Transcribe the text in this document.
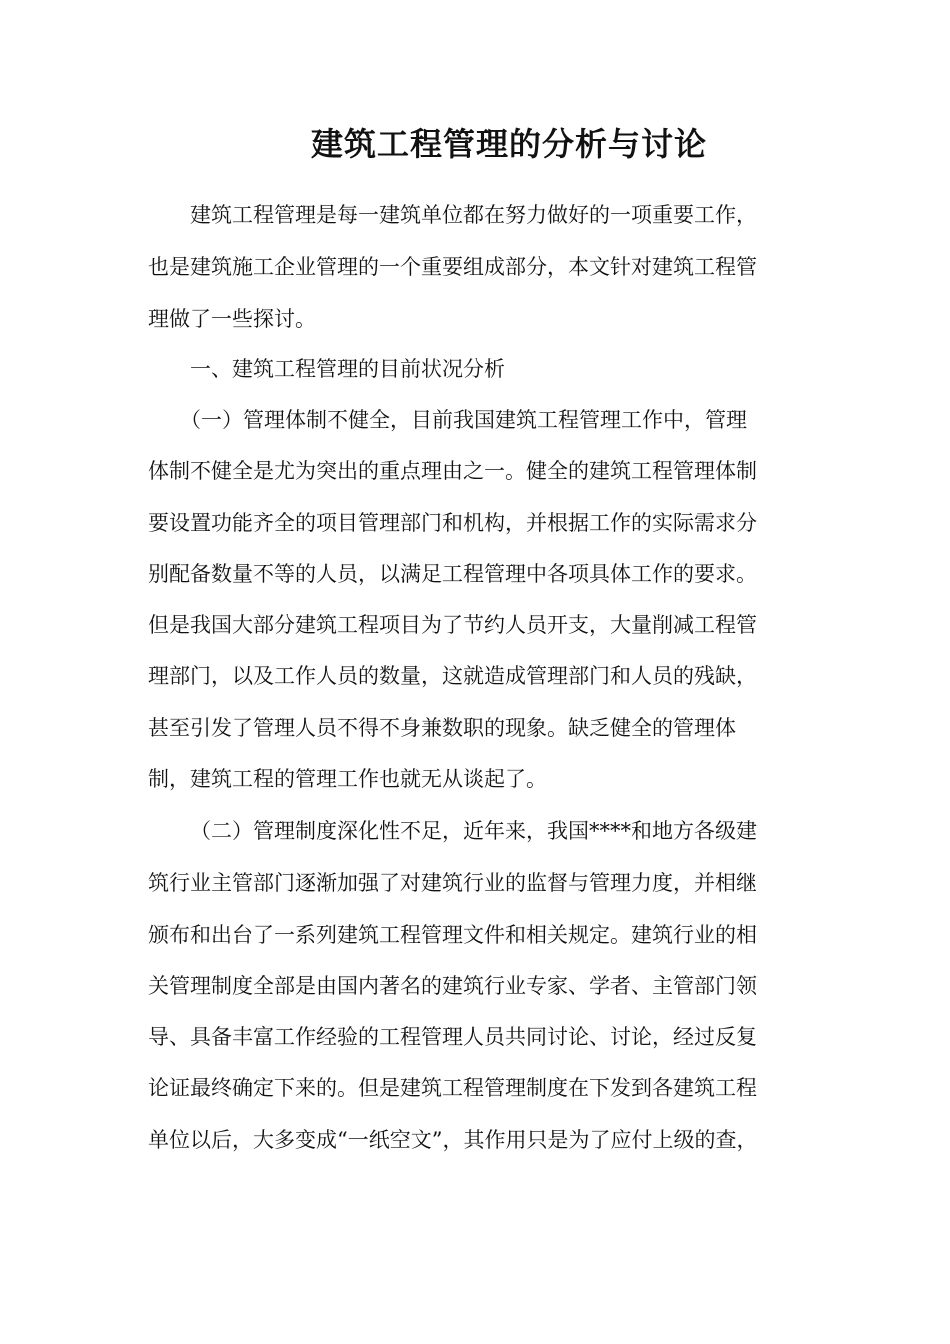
建筑工程管理的分析与讨论
建筑工程管理是每一建筑单位都在努力做好的一项重要工作，
也是建筑施工企业管理的一个重要组成部分，本文针对建筑工程管
理做了一些探讨。
一、建筑工程管理的目前状况分析
（一）管理体制不健全，目前我国建筑工程管理工作中，管理
体制不健全是尤为突出的重点理由之一。健全的建筑工程管理体制
要设置功能齐全的项目管理部门和机构，并根据工作的实际需求分
别配备数量不等的人员，以满足工程管理中各项具体工作的要求。
但是我国大部分建筑工程项目为了节约人员开支，大量削减工程管
理部门，以及工作人员的数量，这就造成管理部门和人员的残缺，
甚至引发了管理人员不得不身兼数职的现象。缺乏健全的管理体
制，建筑工程的管理工作也就无从谈起了。
（二）管理制度深化性不足，近年来，我国****和地方各级建
筑行业主管部门逐渐加强了对建筑行业的监督与管理力度，并相继
颁布和出台了一系列建筑工程管理文件和相关规定。建筑行业的相
关管理制度全部是由国内著名的建筑行业专家、学者、主管部门领
导、具备丰富工作经验的工程管理人员共同讨论、讨论，经过反复
论证最终确定下来的。但是建筑工程管理制度在下发到各建筑工程
单位以后，大多变成“一纸空文”，其作用只是为了应付上级的查，
